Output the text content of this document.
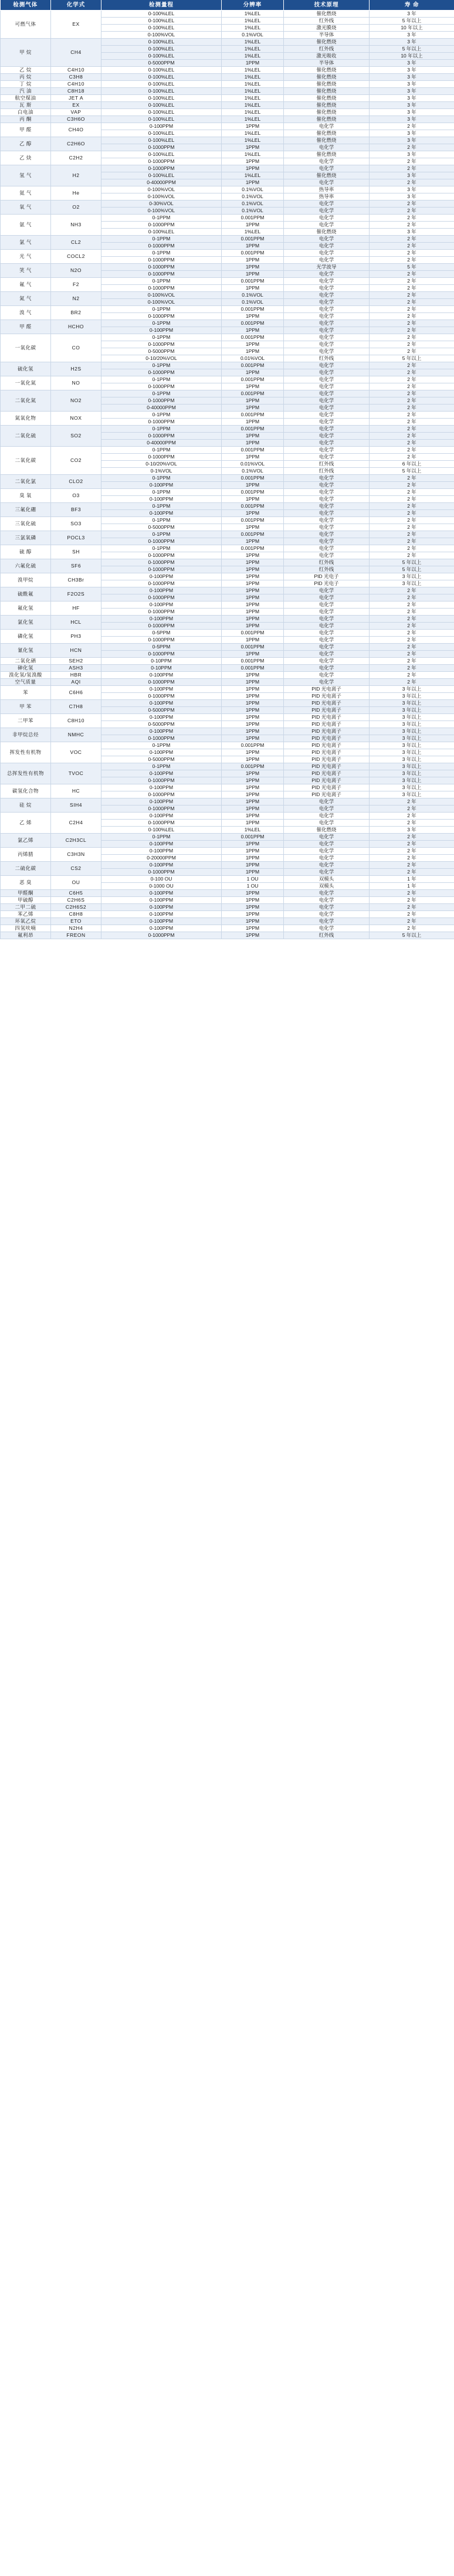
检测气体	化学式	检测量程	分辨率	技术原理	寿 命
可燃气体	EX	0-100%LEL	1%LEL	催化燃烧	3 年
		0-100%LEL	1%LEL	红外线	5 年以上
		0-100%LEL	1%LEL	激光膜烧	10 年以上
		0-100%VOL	0.1%VOL	半导体	3 年
甲 烷	CH4	0-100%LEL	1%LEL	催化燃烧	3 年
		0-100%LEL	1%LEL	红外线	5 年以上
		0-100%LEL	1%LEL	激光吸收	10 年以上
		0-5000PPM	1PPM	半导体	3 年
乙 烷	C4H10	0-100%LEL	1%LEL	催化燃烧	3 年
丙 烷	C3H8	0-100%LEL	1%LEL	催化燃烧	3 年
丁 烷	C4H10	0-100%LEL	1%LEL	催化燃烧	3 年
汽 油	C8H18	0-100%LEL	1%LEL	催化燃烧	3 年
航空煤油	JET A	0-100%LEL	1%LEL	催化燃烧	3 年
瓦 斯	EX	0-100%LEL	1%LEL	催化燃烧	3 年
白电油	VAP	0-100%LEL	1%LEL	催化燃烧	3 年
丙 酮	C3H6O	0-100%LEL	1%LEL	催化燃烧	3 年
甲 醛	CH4O	0-100PPM	1PPM	电化学	2 年
		0-100%LEL	1%LEL	催化燃烧	3 年
乙 醇	C2H6O	0-100%LEL	1%LEL	催化燃烧	3 年
		0-1000PPM	1PPM	电化学	2 年
乙 炔	C2H2	0-100%LEL	1%LEL	催化燃烧	3 年
		0-1000PPM	1PPM	电化学	2 年
氢 气	H2	0-1000PPM	1PPM	电化学	2 年
		0-100%LEL	1%LEL	催化燃烧	3 年
		0-40000PPM	1PPM	电化学	2 年
氦 气	He	0-100%VOL	0.1%VOL	热导率	3 年
		0-100%VOL	0.1%VOL	热导率	3 年
氧 气	O2	0-30%VOL	0.1%VOL	电化学	2 年
		0-100%VOL	0.1%VOL	电化学	2 年
氨 气	NH3	0-1PPM	0.001PPM	电化学	2 年
		0-1000PPM	1PPM	电化学	2 年
		0-100%LEL	1%LEL	催化燃烧	3 年
氯 气	CL2	0-1PPM	0.001PPM	电化学	2 年
		0-1000PPM	1PPM	电化学	2 年
光 气	COCL2	0-1PPM	0.001PPM	电化学	2 年
		0-1000PPM	1PPM	电化学	2 年
笑 气	N2O	0-1000PPM	1PPM	光学波导	5 年
		0-1000PPM	1PPM	电化学	2 年
氟 气	F2	0-1PPM	0.001PPM	电化学	2 年
		0-1000PPM	1PPM	电化学	2 年
氮 气	N2	0-100%VOL	0.1%VOL	电化学	2 年
		0-100%VOL	0.1%VOL	电化学	2 年
溴 气	BR2	0-1PPM	0.001PPM	电化学	2 年
		0-1000PPM	1PPM	电化学	2 年
甲 醛	HCHO	0-1PPM	0.001PPM	电化学	2 年
		0-100PPM	1PPM	电化学	2 年
一氧化碳	CO	0-1PPM	0.001PPM	电化学	2 年
		0-1000PPM	1PPM	电化学	2 年
		0-5000PPM	1PPM	电化学	2 年
		0-10/20%VOL	0.01%VOL	红外线	5 年以上
硫化氢	H2S	0-1PPM	0.001PPM	电化学	2 年
		0-1000PPM	1PPM	电化学	2 年
一氧化氮	NO	0-1PPM	0.001PPM	电化学	2 年
		0-1000PPM	1PPM	电化学	2 年
二氧化氮	NO2	0-1PPM	0.001PPM	电化学	2 年
		0-1000PPM	1PPM	电化学	2 年
		0-40000PPM	1PPM	电化学	2 年
氮氧化物	NOX	0-1PPM	0.001PPM	电化学	2 年
		0-1000PPM	1PPM	电化学	2 年
二氧化硫	SO2	0-1PPM	0.001PPM	电化学	2 年
		0-1000PPM	1PPM	电化学	2 年
		0-40000PPM	1PPM	电化学	2 年
二氧化碳	CO2	0-1PPM	0.001PPM	电化学	2 年
		0-1000PPM	1PPM	电化学	2 年
		0-10/20%VOL	0.01%VOL	红外线	6 年以上
		0-1%VOL	0.1%VOL	红外线	5 年以上
二氧化氯	CLO2	0-1PPM	0.001PPM	电化学	2 年
		0-100PPM	1PPM	电化学	2 年
臭 氧	O3	0-1PPM	0.001PPM	电化学	2 年
		0-100PPM	1PPM	电化学	2 年
三氟化硼	BF3	0-1PPM	0.001PPM	电化学	2 年
		0-100PPM	1PPM	电化学	2 年
三氧化硫	SO3	0-1PPM	0.001PPM	电化学	2 年
		0-5000PPM	1PPM	电化学	2 年
三氯氧磷	POCL3	0-1PPM	0.001PPM	电化学	2 年
		0-1000PPM	1PPM	电化学	2 年
硫 醇	SH	0-1PPM	0.001PPM	电化学	2 年
		0-1000PPM	1PPM	电化学	2 年
六氟化硫	SF6	0-1000PPM	1PPM	红外线	5 年以上
		0-1000PPM	1PPM	红外线	5 年以上
溴甲烷	CH3Br	0-100PPM	1PPM	PID 光电子	3 年以上
		0-1000PPM	1PPM	PID 光电子	3 年以上
硫酰氟	F2O2S	0-100PPM	1PPM	电化学	2 年
		0-1000PPM	1PPM	电化学	2 年
氟化氢	HF	0-100PPM	1PPM	电化学	2 年
		0-1000PPM	1PPM	电化学	2 年
氯化氢	HCL	0-100PPM	1PPM	电化学	2 年
		0-1000PPM	1PPM	电化学	2 年
磷化氢	PH3	0-5PPM	0.001PPM	电化学	2 年
		0-1000PPM	1PPM	电化学	2 年
氰化氢	HCN	0-5PPM	0.001PPM	电化学	2 年
		0-1000PPM	1PPM	电化学	2 年
二氧化硒	SEH2	0-10PPM	0.001PPM	电化学	2 年
砷化氢	ASH3	0-10PPM	0.001PPM	电化学	2 年
溴化氢/氢溴酸	HBR	0-100PPM	1PPM	电化学	2 年
空气质量	AQI	0-1000PPM	1PPM	电化学	2 年
苯	C6H6	0-100PPM	1PPM	PID 光电离子	3 年以上
		0-1000PPM	1PPM	PID 光电离子	3 年以上
甲 苯	C7H8	0-100PPM	1PPM	PID 光电离子	3 年以上
		0-5000PPM	1PPM	PID 光电离子	3 年以上
二甲苯	C8H10	0-100PPM	1PPM	PID 光电离子	3 年以上
		0-5000PPM	1PPM	PID 光电离子	3 年以上
非甲烷总烃	NMHC	0-100PPM	1PPM	PID 光电离子	3 年以上
		0-1000PPM	1PPM	PID 光电离子	3 年以上
挥发性有机物	VOC	0-1PPM	0.001PPM	PID 光电离子	3 年以上
		0-100PPM	1PPM	PID 光电离子	3 年以上
		0-5000PPM	1PPM	PID 光电离子	3 年以上
总挥发性有机物	TVOC	0-1PPM	0.001PPM	PID 光电离子	3 年以上
		0-100PPM	1PPM	PID 光电离子	3 年以上
		0-1000PPM	1PPM	PID 光电离子	3 年以上
碳氢化合物	HC	0-100PPM	1PPM	PID 光电离子	3 年以上
		0-1000PPM	1PPM	PID 光电离子	3 年以上
硅 烷	SIH4	0-100PPM	1PPM	电化学	2 年
		0-1000PPM	1PPM	电化学	2 年
乙 烯	C2H4	0-100PPM	1PPM	电化学	2 年
		0-1000PPM	1PPM	电化学	2 年
		0-100%LEL	1%LEL	催化燃烧	3 年
氯乙烯	C2H3CL	0-1PPM	0.001PPM	电化学	2 年
		0-100PPM	1PPM	电化学	2 年
丙烯腈	C3H3N	0-100PPM	1PPM	电化学	2 年
		0-20000PPM	1PPM	电化学	2 年
二硫化碳	CS2	0-100PPM	1PPM	电化学	2 年
		0-1000PPM	1PPM	电化学	2 年
恶 臭	OU	0-100 OU	1 OU	双模头	1 年
		0-1000 OU	1 OU	双模头	1 年
甲醛酮	C6H5	0-100PPM	1PPM	电化学	2 年
甲硫醇	C2H6S	0-100PPM	1PPM	电化学	2 年
二甲二硫	C2H6S2	0-100PPM	1PPM	电化学	2 年
苯乙烯	C8H8	0-100PPM	1PPM	电化学	2 年
环氧乙烷	ETO	0-100PPM	1PPM	电化学	2 年
四氢呋喃	N2H4	0-100PPM	1PPM	电化学	2 年
氟利昂	FREON	0-1000PPM	1PPM	红外线	5 年以上
